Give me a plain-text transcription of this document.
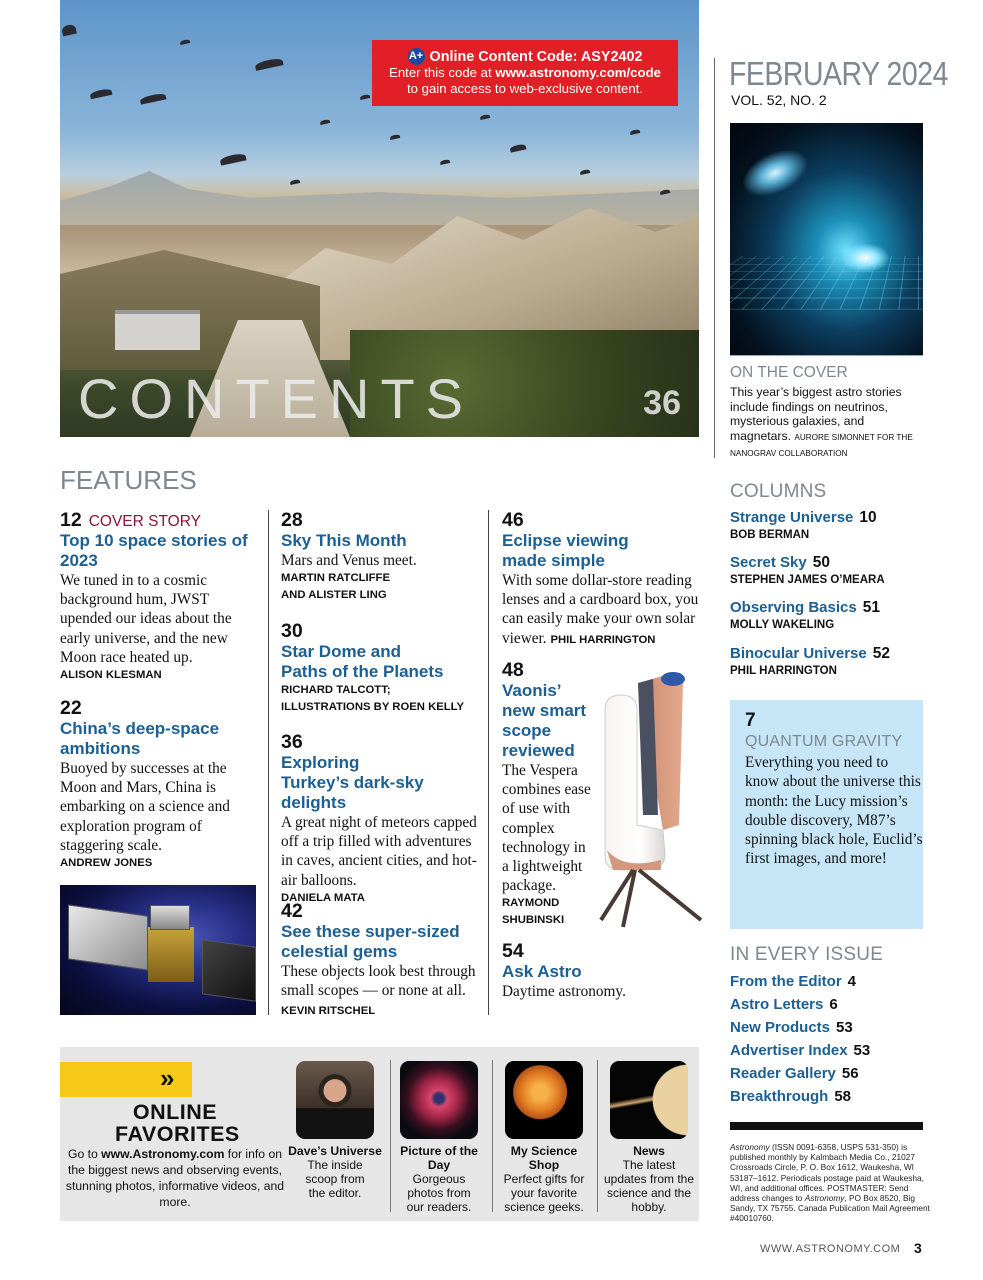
CONTENTS	36
A+ Online Content Code: ASY2402
Enter this code at www.astronomy.com/code
to gain access to web-exclusive content.	FEBRUARY 2024
VOL. 52, NO. 2
ON THE COVER
This year’s biggest astro stories include findings on neutrinos, mysterious galaxies, and magnetars. AURORE SIMONNET FOR THE NANOGRAV COLLABORATION
COLUMNS
Strange Universe 10
BOB BERMAN
Secret Sky 50
STEPHEN JAMES O’MEARA
Observing Basics 51
MOLLY WAKELING
Binocular Universe 52
PHIL HARRINGTON
7
QUANTUM GRAVITY
Everything you need to know about the universe this month: the Lucy mission’s double discovery, M87’s spinning black hole, Euclid’s first images, and more!
IN EVERY ISSUE
From the Editor 4
Astro Letters 6
New Products 53
Advertiser Index 53
Reader Gallery 56
Breakthrough 58
Astronomy (ISSN 0091-6358, USPS 531-350) is published monthly by Kalmbach Media Co., 21027 Crossroads Circle, P. O. Box 1612, Waukesha, WI 53187–1612. Periodicals postage paid at Waukesha, WI, and additional offices. POSTMASTER: Send address changes to Astronomy, PO Box 8520, Big Sandy, TX 75755. Canada Publication Mail Agreement #40010760.
WWW.ASTRONOMY.COM 3
FEATURES
12 COVER STORY
Top 10 space stories of 2023
We tuned in to a cosmic background hum, JWST upended our ideas about the early universe, and the new Moon race heated up.
ALISON KLESMAN
22
China’s deep-space ambitions
Buoyed by successes at the Moon and Mars, China is embarking on a science and exploration program of staggering scale.
ANDREW JONES
28
Sky This Month
Mars and Venus meet.
MARTIN RATCLIFFE AND ALISTER LING
30
Star Dome and Paths of the Planets
RICHARD TALCOTT; ILLUSTRATIONS BY ROEN KELLY
36
Exploring Turkey’s dark-sky delights
A great night of meteors capped off a trip filled with adventures in caves, ancient cities, and hot-air balloons.
DANIELA MATA
42
See these super-sized celestial gems
These objects look best through small scopes — or none at all. KEVIN RITSCHEL
46
Eclipse viewing made simple
With some dollar-store reading lenses and a cardboard box, you can easily make your own solar viewer. PHIL HARRINGTON
48
Vaonis’ new smart scope reviewed
The Vespera combines ease of use with complex technology in a lightweight package.
RAYMOND SHUBINSKI
54
Ask Astro
Daytime astronomy.
»
ONLINE FAVORITES
Go to www.Astronomy.com for info on the biggest news and observing events, stunning photos, informative videos, and more.
Dave’s Universe
The inside scoop from the editor.
Picture of the Day
Gorgeous photos from our readers.
My Science Shop
Perfect gifts for your favorite science geeks.
News
The latest updates from the science and the hobby.
